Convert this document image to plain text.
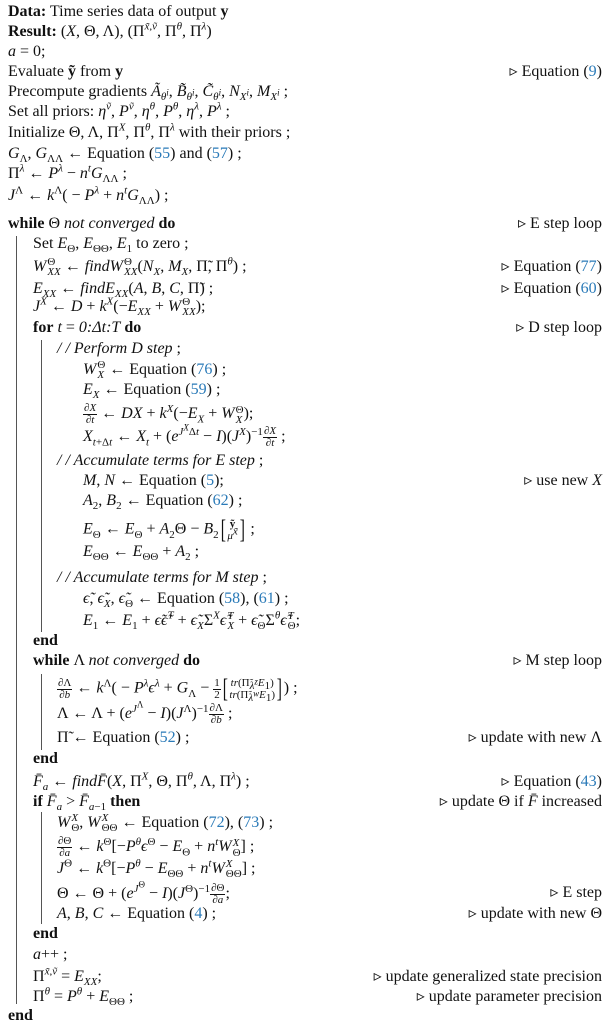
Data: Time series data of output y
Result: (X, Θ, Λ), ($\Pi^{x̃,ṽ}$, $\Pi^\theta$, $\Pi^\lambda$)
a = 0;
Evaluate ỹ from y	▹ Equation (9)
Precompute gradients $Ã_{\theta^i}$, $B̃_{\theta^i}$, $C̃_{\theta^i}$, $N_{X^i}$, $M_{X^i}$ ;
Set all priors: $\eta^ṽ$, $P^ṽ$, $\eta^\theta$, $P^\theta$, $\eta^\lambda$, $P^\lambda$ ;
Initialize Θ, Λ, $\Pi^X$, $\Pi^\theta$, $\Pi^\lambda$ with their priors ;
$G_\Lambda$, $G_{\Lambda\Lambda}$ ← Equation (55) and (57) ;
$\Pi^\lambda$ ← $P^\lambda - n^tG_{\Lambda\Lambda}$ ;
$J^\Lambda$ ← $k^\Lambda( - P^\lambda + n^tG_{\Lambda\Lambda})$ ;
while Θ not converged do	▹ E step loop
Set $E_\Theta$, $E_{\Theta\Theta}$, $E_1$ to zero ;
W Θ
XX ← findW Θ
XX ($N_X$, $M_X$, Π̃, $\Pi^\theta$) ;	▹ Equation (77)
$E_{XX}$ ← findE$_{XX}$(A, B, C, Π̃) ;	▹ Equation (60)
$J^X$ ← $D + k^X(-E_{XX} + W$ Θ
XX );
for t = 0:Δt:T do	▹ D step loop
/ / Perform D step ;
W Θ
X ← Equation (76) ;
$E_X$ ← Equation (59) ;
$\frac{\partial X}{\partial t}$ ← DX + $k^X(-E_X + W$ Θ
X );
$X_{t+\Delta t}$ ← $X_t + (e^{J^X\Delta t} - I)(J^X)^{-1} \frac{\partial X}{\partial t}$ ;
/ / Accumulate terms for E step ;
M, N ← Equation (5);	▹ use new X
$A_2$, $B_2$ ← Equation (62) ;
$E_\Theta$ ← $E_\Theta + A_2\Theta - B_2$ [ ỹ
$\mu^{x̃}$ ] ;
$E_{\Theta\Theta}$ ← $E_{\Theta\Theta} + A_2$ ;
/ / Accumulate terms for M step ;
ϵ̃, $\epsiloñ_X$, $\epsiloñ_\Theta$ ← Equation (58), (61) ;
$E_1$ ← $E_1$ + ϵ̃ϵ̃$^T$ + $\epsiloñ_X\Sigma^X\epsiloñ$ T
$X + \epsiloñ_\Theta\Sigma^\theta\epsiloñ$ T
Θ ;
end
while Λ not converged do	▹ M step loop
$\frac{\partial\Lambda}{\partial b}$ ← $k^\Lambda( - P^\lambda\epsilon^\lambda + G_\Lambda - \frac{1}{2}$ [ $tr(\Pĩ_{\lambda^z}E_1)$
$tr(\Pĩ_{\lambda^w}E_1)$ ] ) ;
Λ ← $\Lambda + (e^{J^\Lambda} - I)(J^\Lambda)^{-1} \frac{\partial\Lambda}{\partial b}$ ;
Π̃ ← Equation (52) ;	▹ update with new Λ
end
$F̄_a$ ← findF̄(X, $\Pi^X$, Θ, $\Pi^\theta$, Λ, $\Pi^\lambda$) ;	▹ Equation (43)
if $F̄_a$ > $F̄_{a-1}$ then	▹ update Θ if F̄ increased
W X
Θ , W X
ΘΘ ← Equation (72), (73) ;
$\frac{\partial\Theta}{\partial a}$ ← $k^\Theta[-P^\theta\epsilon^\Theta - E_\Theta + n^tW$ X
Θ ] ;
$J^\Theta$ ← $k^\Theta[-P^\theta - E_{\Theta\Theta} + n^tW$ X
ΘΘ ] ;
Θ ← $\Theta + (e^{J^\Theta} - I)(J^\Theta)^{-1} \frac{\partial\Theta}{\partial a}$ ;	▹ E step
A, B, C ← Equation (4) ;	▹ update with new Θ
end
a++ ;
$\Pi^{x̃,ṽ} = E_{XX}$;	▹ update generalized state precision
$\Pi^\theta = P^\theta + E_{\Theta\Theta}$ ;	▹ update parameter precision
end
